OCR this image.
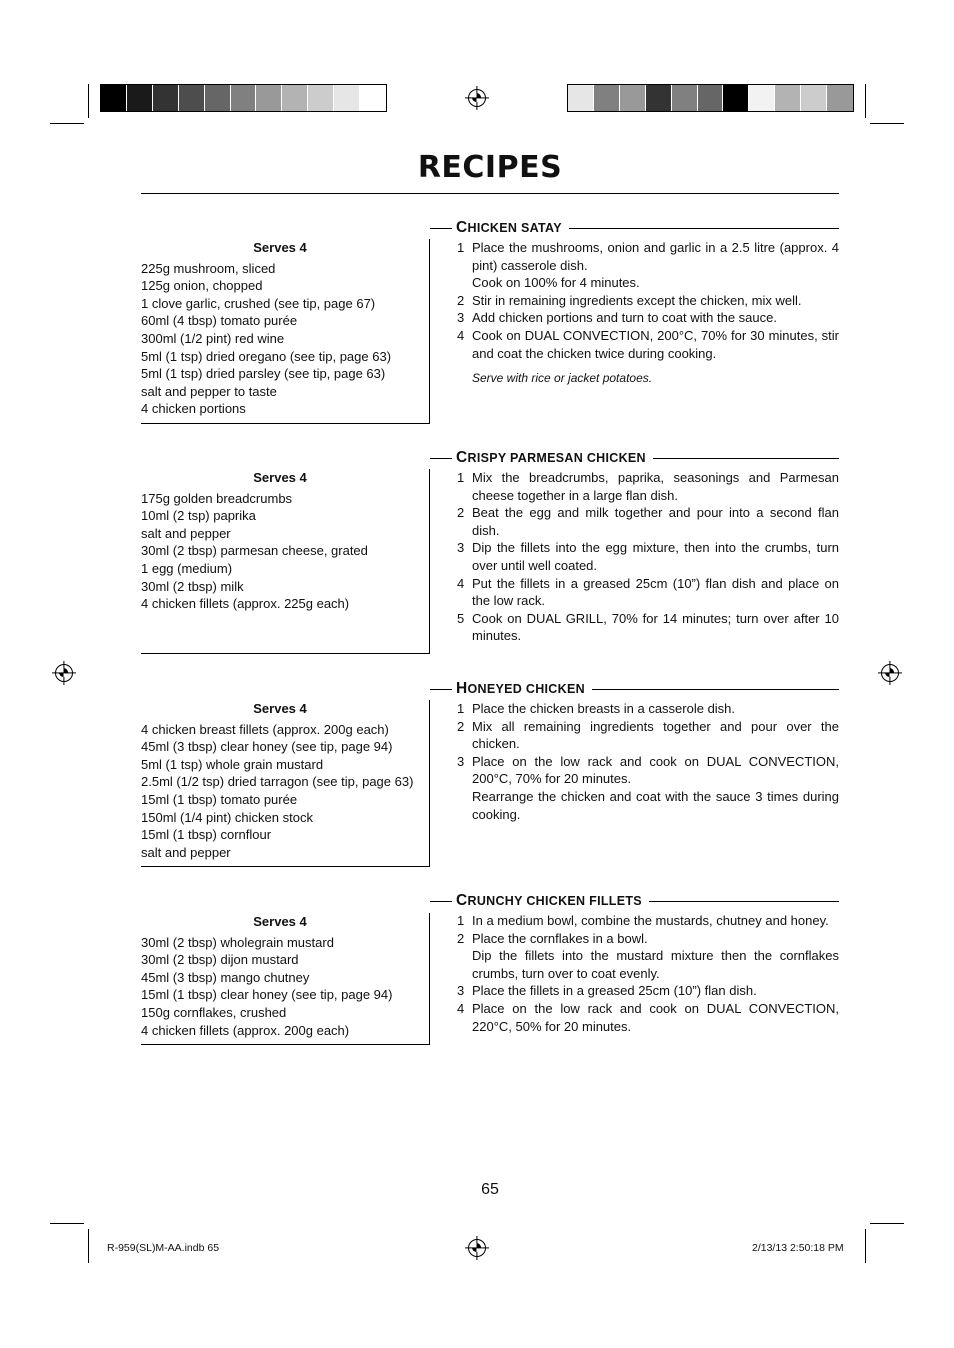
RECIPES
Serves 4
225g mushroom, sliced
125g onion, chopped
1 clove garlic, crushed (see tip, page 67)
60ml (4 tbsp) tomato purée
300ml (1/2 pint) red wine
5ml (1 tsp) dried oregano (see tip, page 63)
5ml (1 tsp) dried parsley (see tip, page 63)
salt and pepper to taste
4 chicken portions
CHICKEN SATAY
1 Place the mushrooms, onion and garlic in a 2.5 litre (approx. 4 pint) casserole dish.

Cook on 100% for 4 minutes.

2 Stir in remaining ingredients except the chicken, mix well.

3 Add chicken portions and turn to coat with the sauce.

4 Cook on DUAL CONVECTION, 200°C, 70% for 30 minutes, stir and coat the chicken twice during cooking.

Serve with rice or jacket potatoes.
Serves 4
175g golden breadcrumbs
10ml (2 tsp) paprika
salt and pepper
30ml (2 tbsp) parmesan cheese, grated
1 egg (medium)
30ml (2 tbsp) milk
4 chicken fillets (approx. 225g each)
CRISPY PARMESAN CHICKEN
1 Mix the breadcrumbs, paprika, seasonings and Parmesan cheese together in a large flan dish.

2 Beat the egg and milk together and pour into a second flan dish.

3 Dip the fillets into the egg mixture, then into the crumbs, turn over until well coated.

4 Put the fillets in a greased 25cm (10”) flan dish and place on the low rack.

5 Cook on DUAL GRILL, 70% for 14 minutes; turn over after 10 minutes.

Serves 4
4 chicken breast fillets (approx. 200g each)
45ml (3 tbsp) clear honey (see tip, page 94)
5ml (1 tsp) whole grain mustard
2.5ml (1/2 tsp) dried tarragon (see tip, page 63)
15ml (1 tbsp) tomato purée
150ml (1/4 pint) chicken stock
15ml (1 tbsp) cornflour
salt and pepper
HONEYED CHICKEN
1 Place the chicken breasts in a casserole dish.

2 Mix all remaining ingredients together and pour over the chicken.

3 Place on the low rack and cook on DUAL CONVECTION, 200°C, 70% for 20 minutes.

Rearrange the chicken and coat with the sauce 3 times during cooking.

Serves 4
30ml (2 tbsp) wholegrain mustard
30ml (2 tbsp) dijon mustard
45ml (3 tbsp) mango chutney
15ml (1 tbsp) clear honey (see tip, page 94)
150g cornflakes, crushed
4 chicken fillets (approx. 200g each)
CRUNCHY CHICKEN FILLETS
1 In a medium bowl, combine the mustards, chutney and honey.

2 Place the cornflakes in a bowl.

Dip the fillets into the mustard mixture then the cornflakes crumbs, turn over to coat evenly.

3 Place the fillets in a greased 25cm (10”) flan dish.

4 Place on the low rack and cook on DUAL CONVECTION, 220°C, 50% for 20 minutes.

65
R-959(SL)M-AA.indb 65	2/13/13 2:50:18 PM
